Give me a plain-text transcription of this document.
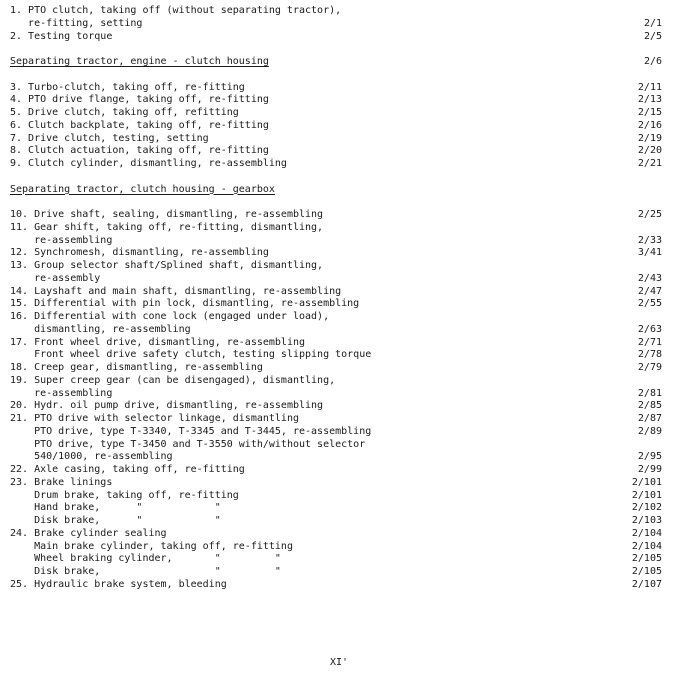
1. PTO clutch, taking off (without separating tractor),
re-fitting, setting	2/1
2. Testing torque	2/5
Separating tractor, engine - clutch housing	2/6
3. Turbo-clutch, taking off, re-fitting	2/11
4. PTO drive flange, taking off, re-fitting	2/13
5. Drive clutch, taking off, refitting	2/15
6. Clutch backplate, taking off, re-fitting	2/16
7. Drive clutch, testing, setting	2/19
8. Clutch actuation, taking off, re-fitting	2/20
9. Clutch cylinder, dismantling, re-assembling	2/21
Separating tractor, clutch housing - gearbox
10. Drive shaft, sealing, dismantling, re-assembling	2/25
11. Gear shift, taking off, re-fitting, dismantling,
re-assembling	2/33
12. Synchromesh, dismantling, re-assembling	3/41
13. Group selector shaft/Splined shaft, dismantling,
re-assembly	2/43
14. Layshaft and main shaft, dismantling, re-assembling	2/47
15. Differential with pin lock, dismantling, re-assembling	2/55
16. Differential with cone lock (engaged under load),
dismantling, re-assembling	2/63
17. Front wheel drive, dismantling, re-assembling	2/71
Front wheel drive safety clutch, testing slipping torque	2/78
18. Creep gear, dismantling, re-assembling	2/79
19. Super creep gear (can be disengaged), dismantling,
re-assembling	2/81
20. Hydr. oil pump drive, dismantling, re-assembling	2/85
21. PTO drive with selector linkage, dismantling	2/87
PTO drive, type T-3340, T-3345 and T-3445, re-assembling	2/89
PTO drive, type T-3450 and T-3550 with/without selector
540/1000, re-assembling	2/95
22. Axle casing, taking off, re-fitting	2/99
23. Brake linings	2/101
Drum brake, taking off, re-fitting	2/101
Hand brake,      "            "	2/102
Disk brake,      "            "	2/103
24. Brake cylinder sealing	2/104
Main brake cylinder, taking off, re-fitting	2/104
Wheel braking cylinder,       "         "	2/105
Disk brake,                   "         "	2/105
25. Hydraulic brake system, bleeding	2/107
XI'
